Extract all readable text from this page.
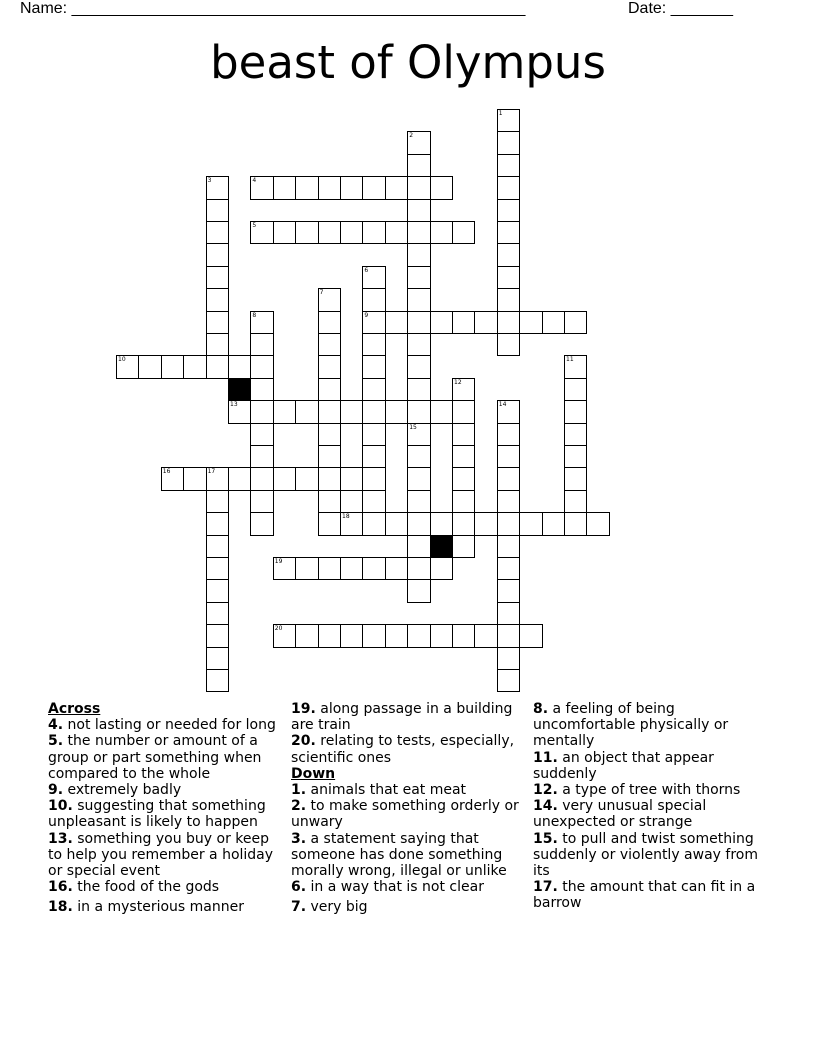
Name: ___________________________________________________	Date: _______
beast of Olympus
1
2
3	4
5
6
7
8	9
10	11
12
13	14
15
16	17
18
19
20
Across
4. not lasting or needed for long
5. the number or amount of a group or part something when compared to the whole
9. extremely badly
10. suggesting that something unpleasant is likely to happen
13. something you buy or keep to help you remember a holiday or special event
16. the food of the gods
18. in a mysterious manner
19. along passage in a building are train
20. relating to tests, especially, scientific ones
Down
1. animals that eat meat
2. to make something orderly or unwary
3. a statement saying that someone has done something morally wrong, illegal or unlike
6. in a way that is not clear
7. very big
8. a feeling of being uncomfortable physically or mentally
11. an object that appear suddenly
12. a type of tree with thorns
14. very unusual special unexpected or strange
15. to pull and twist something suddenly or violently away from its
17. the amount that can fit in a barrow
